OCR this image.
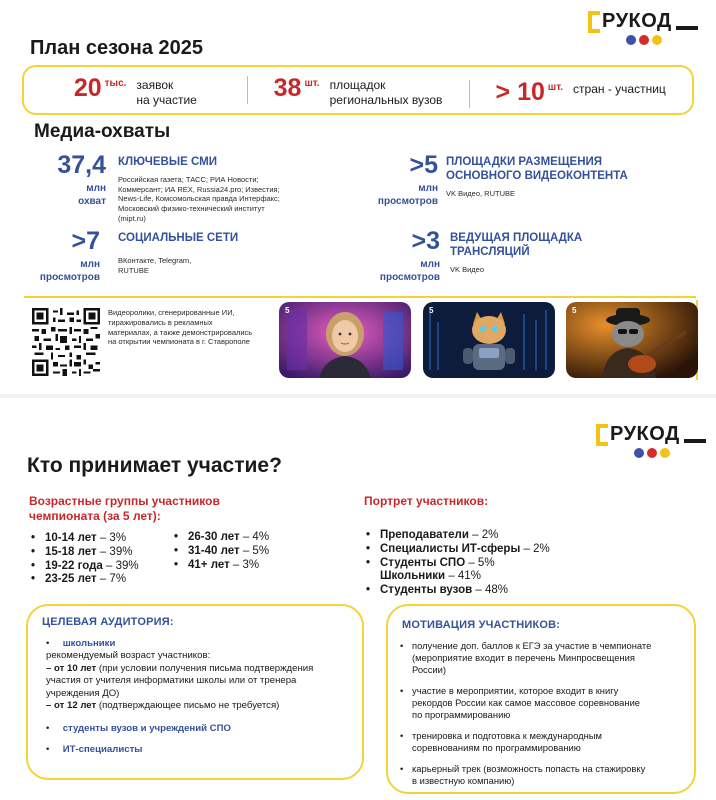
РУКОД
План сезона 2025
20 тыс. заявок
на участие	38 шт. площадок
региональных вузов > 10 шт. стран - участниц
Медиа-охваты
37,4
млн
охват
КЛЮЧЕВЫЕ СМИ
Российская газета; ТАСС; РИА Новости;
Коммерсант; ИА REX, Russia24.pro; Известия;
News-Life, Комсомольская правда Интерфакс;
Московский физико-технический институт
(mipt.ru)
>5
млн
просмотров
ПЛОЩАДКИ РАЗМЕЩЕНИЯ
ОСНОВНОГО ВИДЕОКОНТЕНТА
VK Видео, RUTUBE
>7
млн
просмотров
СОЦИАЛЬНЫЕ СЕТИ
ВКонтакте, Telegram,
RUTUBE
>3
млн
просмотров
ВЕДУЩАЯ ПЛОЩАДКА
ТРАНСЛЯЦИЙ
VK Видео
Видеоролики, сгенерированные ИИ,
тиражировались в рекламных
материалах, а также демонстрировались
на открытии чемпионата в г. Ставрополе
5	5	5
РУКОД
Кто принимает участие?
Возрастные группы участников
чемпионата (за 5 лет):
• 10-14 лет – 3%
• 15-18 лет – 39%
• 19-22 года – 39%
• 23-25 лет – 7%
• 26-30 лет – 4%
• 31-40 лет – 5%
• 41+ лет – 3%
Портрет участников:
• Преподаватели – 2%
• Специалисты ИТ-сферы – 2%
• Студенты СПО – 5%
Школьники – 41%
• Студенты вузов – 48%
ЦЕЛЕВАЯ АУДИТОРИЯ:
•     школьники
рекомендуемый возраст участников:
– от 10 лет (при условии получения письма подтверждения
участия от учителя информатики школы или от тренера
учреждения ДО)
– от 12 лет (подтверждающее письмо не требуется)
•     студенты вузов и учреждений СПО
•     ИТ-специалисты
МОТИВАЦИЯ УЧАСТНИКОВ:
• получение доп. баллов к ЕГЭ за участие в чемпионате
(мероприятие входит в перечень Минпросвещения
России)
• участие в мероприятии, которое входит в книгу
рекордов России как самое массовое соревнование
по программированию
• тренировка и подготовка к международным
соревнованиям по программированию
• карьерный трек (возможность попасть на стажировку
в известную компанию)
